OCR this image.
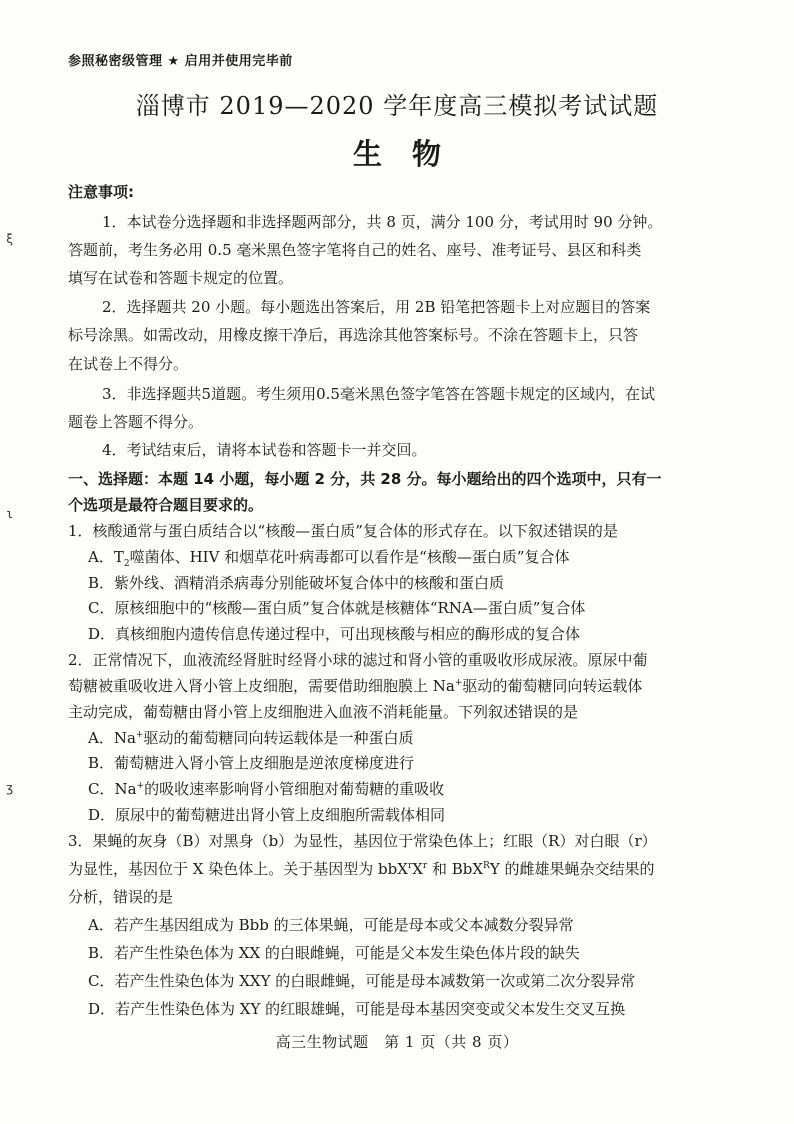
参照秘密级管理 ★ 启用并使用完毕前
淄博市 2019—2020 学年度高三模拟考试试题
生物
注意事项:
1．本试卷分选择题和非选择题两部分，共 8 页，满分 100 分，考试用时 90 分钟。
答题前，考生务必用 0.5 毫米黑色签字笔将自己的姓名、座号、准考证号、县区和科类
填写在试卷和答题卡规定的位置。
2．选择题共 20 小题。每小题选出答案后，用 2B 铅笔把答题卡上对应题目的答案
标号涂黑。如需改动，用橡皮擦干净后，再选涂其他答案标号。不涂在答题卡上，只答
在试卷上不得分。
3．非选择题共5道题。考生须用0.5毫米黑色签字笔答在答题卡规定的区域内，在试
题卷上答题不得分。
4．考试结束后，请将本试卷和答题卡一并交回。
一、选择题：本题 14 小题，每小题 2 分，共 28 分。每小题给出的四个选项中，只有一
个选项是最符合题目要求的。
1．核酸通常与蛋白质结合以“核酸—蛋白质”复合体的形式存在。以下叙述错误的是
A．$T_2$噬菌体、HIV 和烟草花叶病毒都可以看作是“核酸—蛋白质”复合体
B．紫外线、酒精消杀病毒分别能破坏复合体中的核酸和蛋白质
C．原核细胞中的“核酸—蛋白质”复合体就是核糖体“RNA—蛋白质”复合体
D．真核细胞内遗传信息传递过程中，可出现核酸与相应的酶形成的复合体
2．正常情况下，血液流经肾脏时经肾小球的滤过和肾小管的重吸收形成尿液。原尿中葡
萄糖被重吸收进入肾小管上皮细胞，需要借助细胞膜上 Na+驱动的葡萄糖同向转运载体
主动完成，葡萄糖由肾小管上皮细胞进入血液不消耗能量。下列叙述错误的是
A．Na+驱动的葡萄糖同向转运载体是一种蛋白质
B．葡萄糖进入肾小管上皮细胞是逆浓度梯度进行
C．Na+的吸收速率影响肾小管细胞对葡萄糖的重吸收
D．原尿中的葡萄糖进出肾小管上皮细胞所需载体相同
3．果蝇的灰身（B）对黑身（b）为显性，基因位于常染色体上；红眼（R）对白眼（r）
为显性，基因位于 X 染色体上。关于基因型为 $bbX^rX^r$ 和 BbX$^R$Y 的雌雄果蝇杂交结果的
分析，错误的是
A．若产生基因组成为 Bbb 的三体果蝇，可能是母本或父本减数分裂异常
B．若产生性染色体为 XX 的白眼雌蝇，可能是父本发生染色体片段的缺失
C．若产生性染色体为 XXY 的白眼雌蝇，可能是母本减数第一次或第二次分裂异常
D．若产生性染色体为 XY 的红眼雄蝇，可能是母本基因突变或父本发生交叉互换
高三生物试题　第 1 页（共 8 页）
ξ
ɩ
ʒ
